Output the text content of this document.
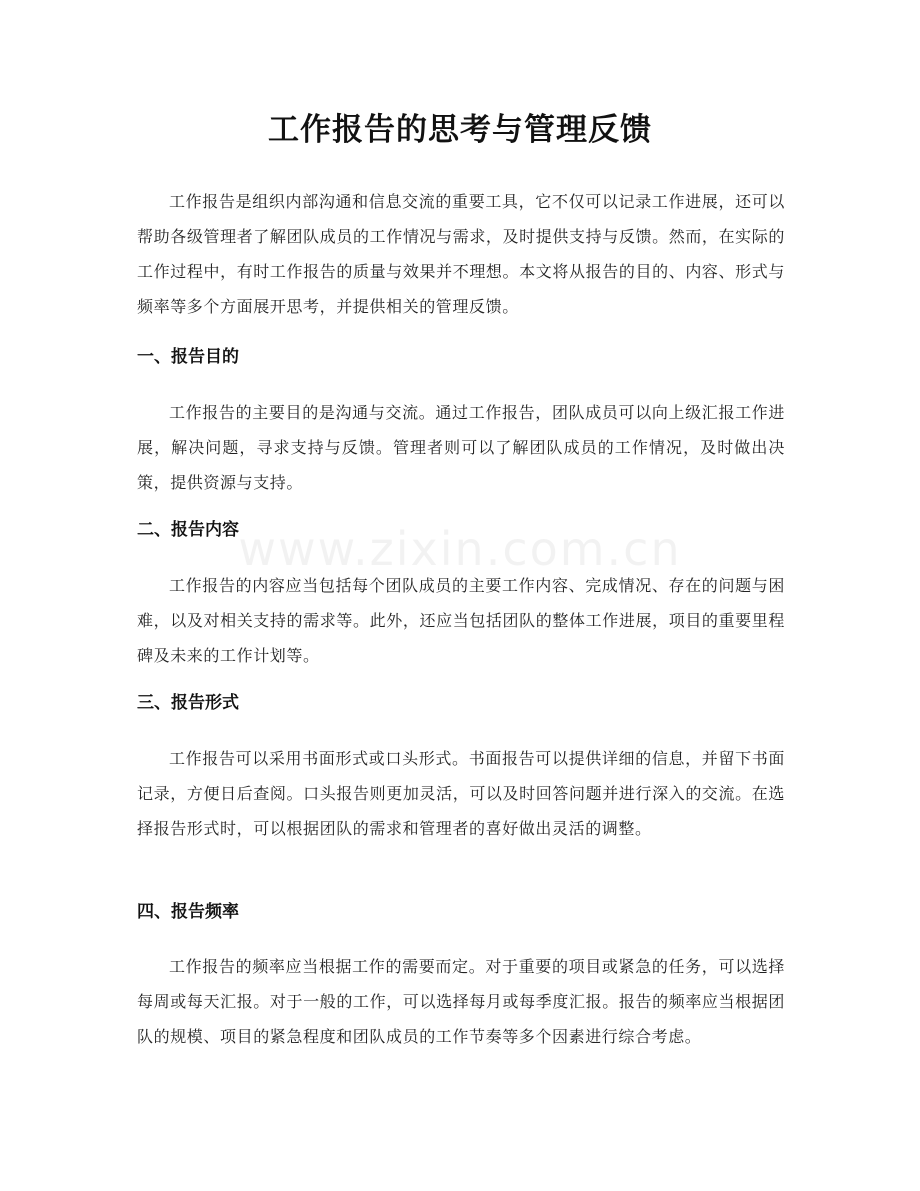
www.zixin.com.cn
工作报告的思考与管理反馈

工作报告是组织内部沟通和信息交流的重要工具，它不仅可以记录工作进展，还可以帮助各级管理者了解团队成员的工作情况与需求，及时提供支持与反馈。然而，在实际的工作过程中，有时工作报告的质量与效果并不理想。本文将从报告的目的、内容、形式与频率等多个方面展开思考，并提供相关的管理反馈。

一、报告目的

工作报告的主要目的是沟通与交流。通过工作报告，团队成员可以向上级汇报工作进展，解决问题，寻求支持与反馈。管理者则可以了解团队成员的工作情况，及时做出决策，提供资源与支持。

二、报告内容

工作报告的内容应当包括每个团队成员的主要工作内容、完成情况、存在的问题与困难，以及对相关支持的需求等。此外，还应当包括团队的整体工作进展，项目的重要里程碑及未来的工作计划等。

三、报告形式

工作报告可以采用书面形式或口头形式。书面报告可以提供详细的信息，并留下书面记录，方便日后查阅。口头报告则更加灵活，可以及时回答问题并进行深入的交流。在选择报告形式时，可以根据团队的需求和管理者的喜好做出灵活的调整。

四、报告频率

工作报告的频率应当根据工作的需要而定。对于重要的项目或紧急的任务，可以选择每周或每天汇报。对于一般的工作，可以选择每月或每季度汇报。报告的频率应当根据团队的规模、项目的紧急程度和团队成员的工作节奏等多个因素进行综合考虑。
